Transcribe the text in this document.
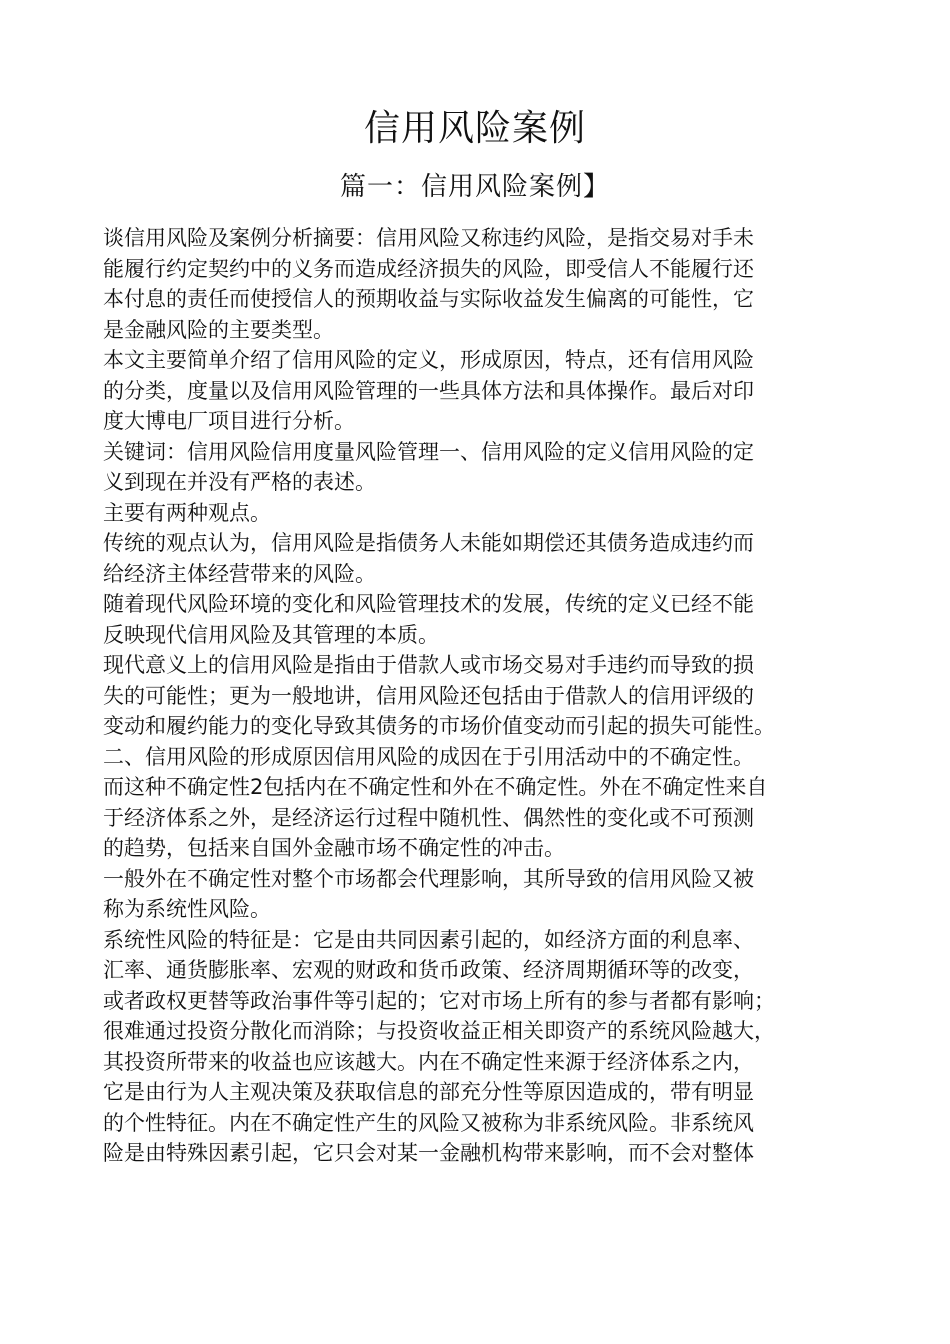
信用风险案例
篇一：信用风险案例】
谈信用风险及案例分析摘要：信用风险又称违约风险，是指交易对手未
能履行约定契约中的义务而造成经济损失的风险，即受信人不能履行还
本付息的责任而使授信人的预期收益与实际收益发生偏离的可能性，它
是金融风险的主要类型。
本文主要简单介绍了信用风险的定义，形成原因，特点，还有信用风险
的分类，度量以及信用风险管理的一些具体方法和具体操作。最后对印
度大博电厂项目进行分析。
关键词：信用风险信用度量风险管理一、信用风险的定义信用风险的定
义到现在并没有严格的表述。
主要有两种观点。
传统的观点认为，信用风险是指债务人未能如期偿还其债务造成违约而
给经济主体经营带来的风险。
随着现代风险环境的变化和风险管理技术的发展，传统的定义已经不能
反映现代信用风险及其管理的本质。
现代意义上的信用风险是指由于借款人或市场交易对手违约而导致的损
失的可能性；更为一般地讲，信用风险还包括由于借款人的信用评级的
变动和履约能力的变化导致其债务的市场价值变动而引起的损失可能性。
二、信用风险的形成原因信用风险的成因在于引用活动中的不确定性。
而这种不确定性2包括内在不确定性和外在不确定性。外在不确定性来自
于经济体系之外，是经济运行过程中随机性、偶然性的变化或不可预测
的趋势，包括来自国外金融市场不确定性的冲击。
一般外在不确定性对整个市场都会代理影响，其所导致的信用风险又被
称为系统性风险。
系统性风险的特征是：它是由共同因素引起的，如经济方面的利息率、
汇率、通货膨胀率、宏观的财政和货币政策、经济周期循环等的改变，
或者政权更替等政治事件等引起的；它对市场上所有的参与者都有影响；
很难通过投资分散化而消除；与投资收益正相关即资产的系统风险越大，
其投资所带来的收益也应该越大。内在不确定性来源于经济体系之内，
它是由行为人主观决策及获取信息的部充分性等原因造成的，带有明显
的个性特征。内在不确定性产生的风险又被称为非系统风险。非系统风
险是由特殊因素引起，它只会对某一金融机构带来影响，而不会对整体
